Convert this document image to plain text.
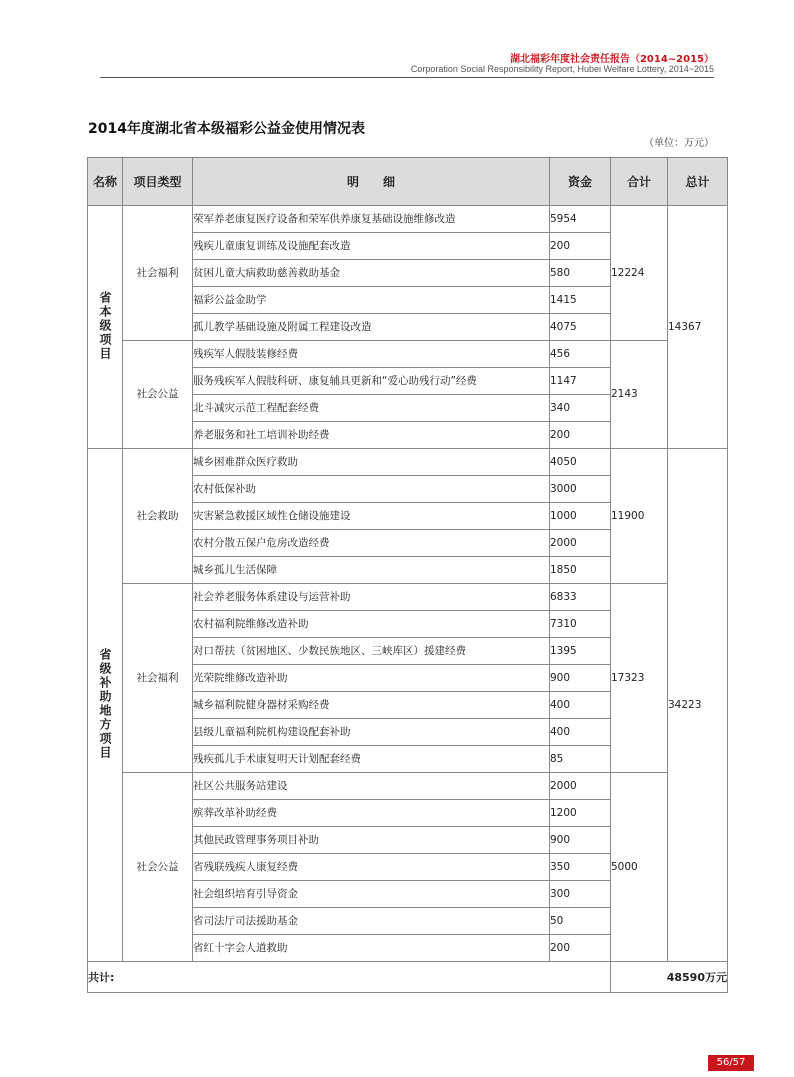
湖北福彩年度社会责任报告（2014~2015）
Corporation Social Responsibility Report, Hubei Welfare Lottery, 2014~2015
2014年度湖北省本级福彩公益金使用情况表
（单位：万元）
名称	项目类型	明　　细	资金	合计	总计
省本级项目	社会福利	荣军养老康复医疗设备和荣军供养康复基础设施维修改造	5954	12224	14367
		残疾儿童康复训练及设施配套改造	200		
		贫困儿童大病救助慈善救助基金	580		
		福彩公益金助学	1415		
		孤儿教学基础设施及附属工程建设改造	4075		
	社会公益	残疾军人假肢装修经费	456	2143	
		服务残疾军人假肢科研、康复辅具更新和“爱心助残行动”经费	1147		
		北斗减灾示范工程配套经费	340		
		养老服务和社工培训补助经费	200		
省级补助地方项目	社会救助	城乡困难群众医疗救助	4050	11900	34223
		农村低保补助	3000		
		灾害紧急救援区域性仓储设施建设	1000		
		农村分散五保户危房改造经费	2000		
		城乡孤儿生活保障	1850		
	社会福利	社会养老服务体系建设与运营补助	6833	17323	
		农村福利院维修改造补助	7310		
		对口帮扶（贫困地区、少数民族地区、三峡库区）援建经费	1395		
		光荣院维修改造补助	900		
		城乡福利院健身器材采购经费	400		
		县级儿童福利院机构建设配套补助	400		
		残疾孤儿手术康复明天计划配套经费	85		
	社会公益	社区公共服务站建设	2000	5000	
		殡葬改革补助经费	1200		
		其他民政管理事务项目补助	900		
		省残联残疾人康复经费	350		
		社会组织培育引导资金	300		
		省司法厅司法援助基金	50		
		省红十字会人道救助	200		
共计:				48590万元	
56/57
